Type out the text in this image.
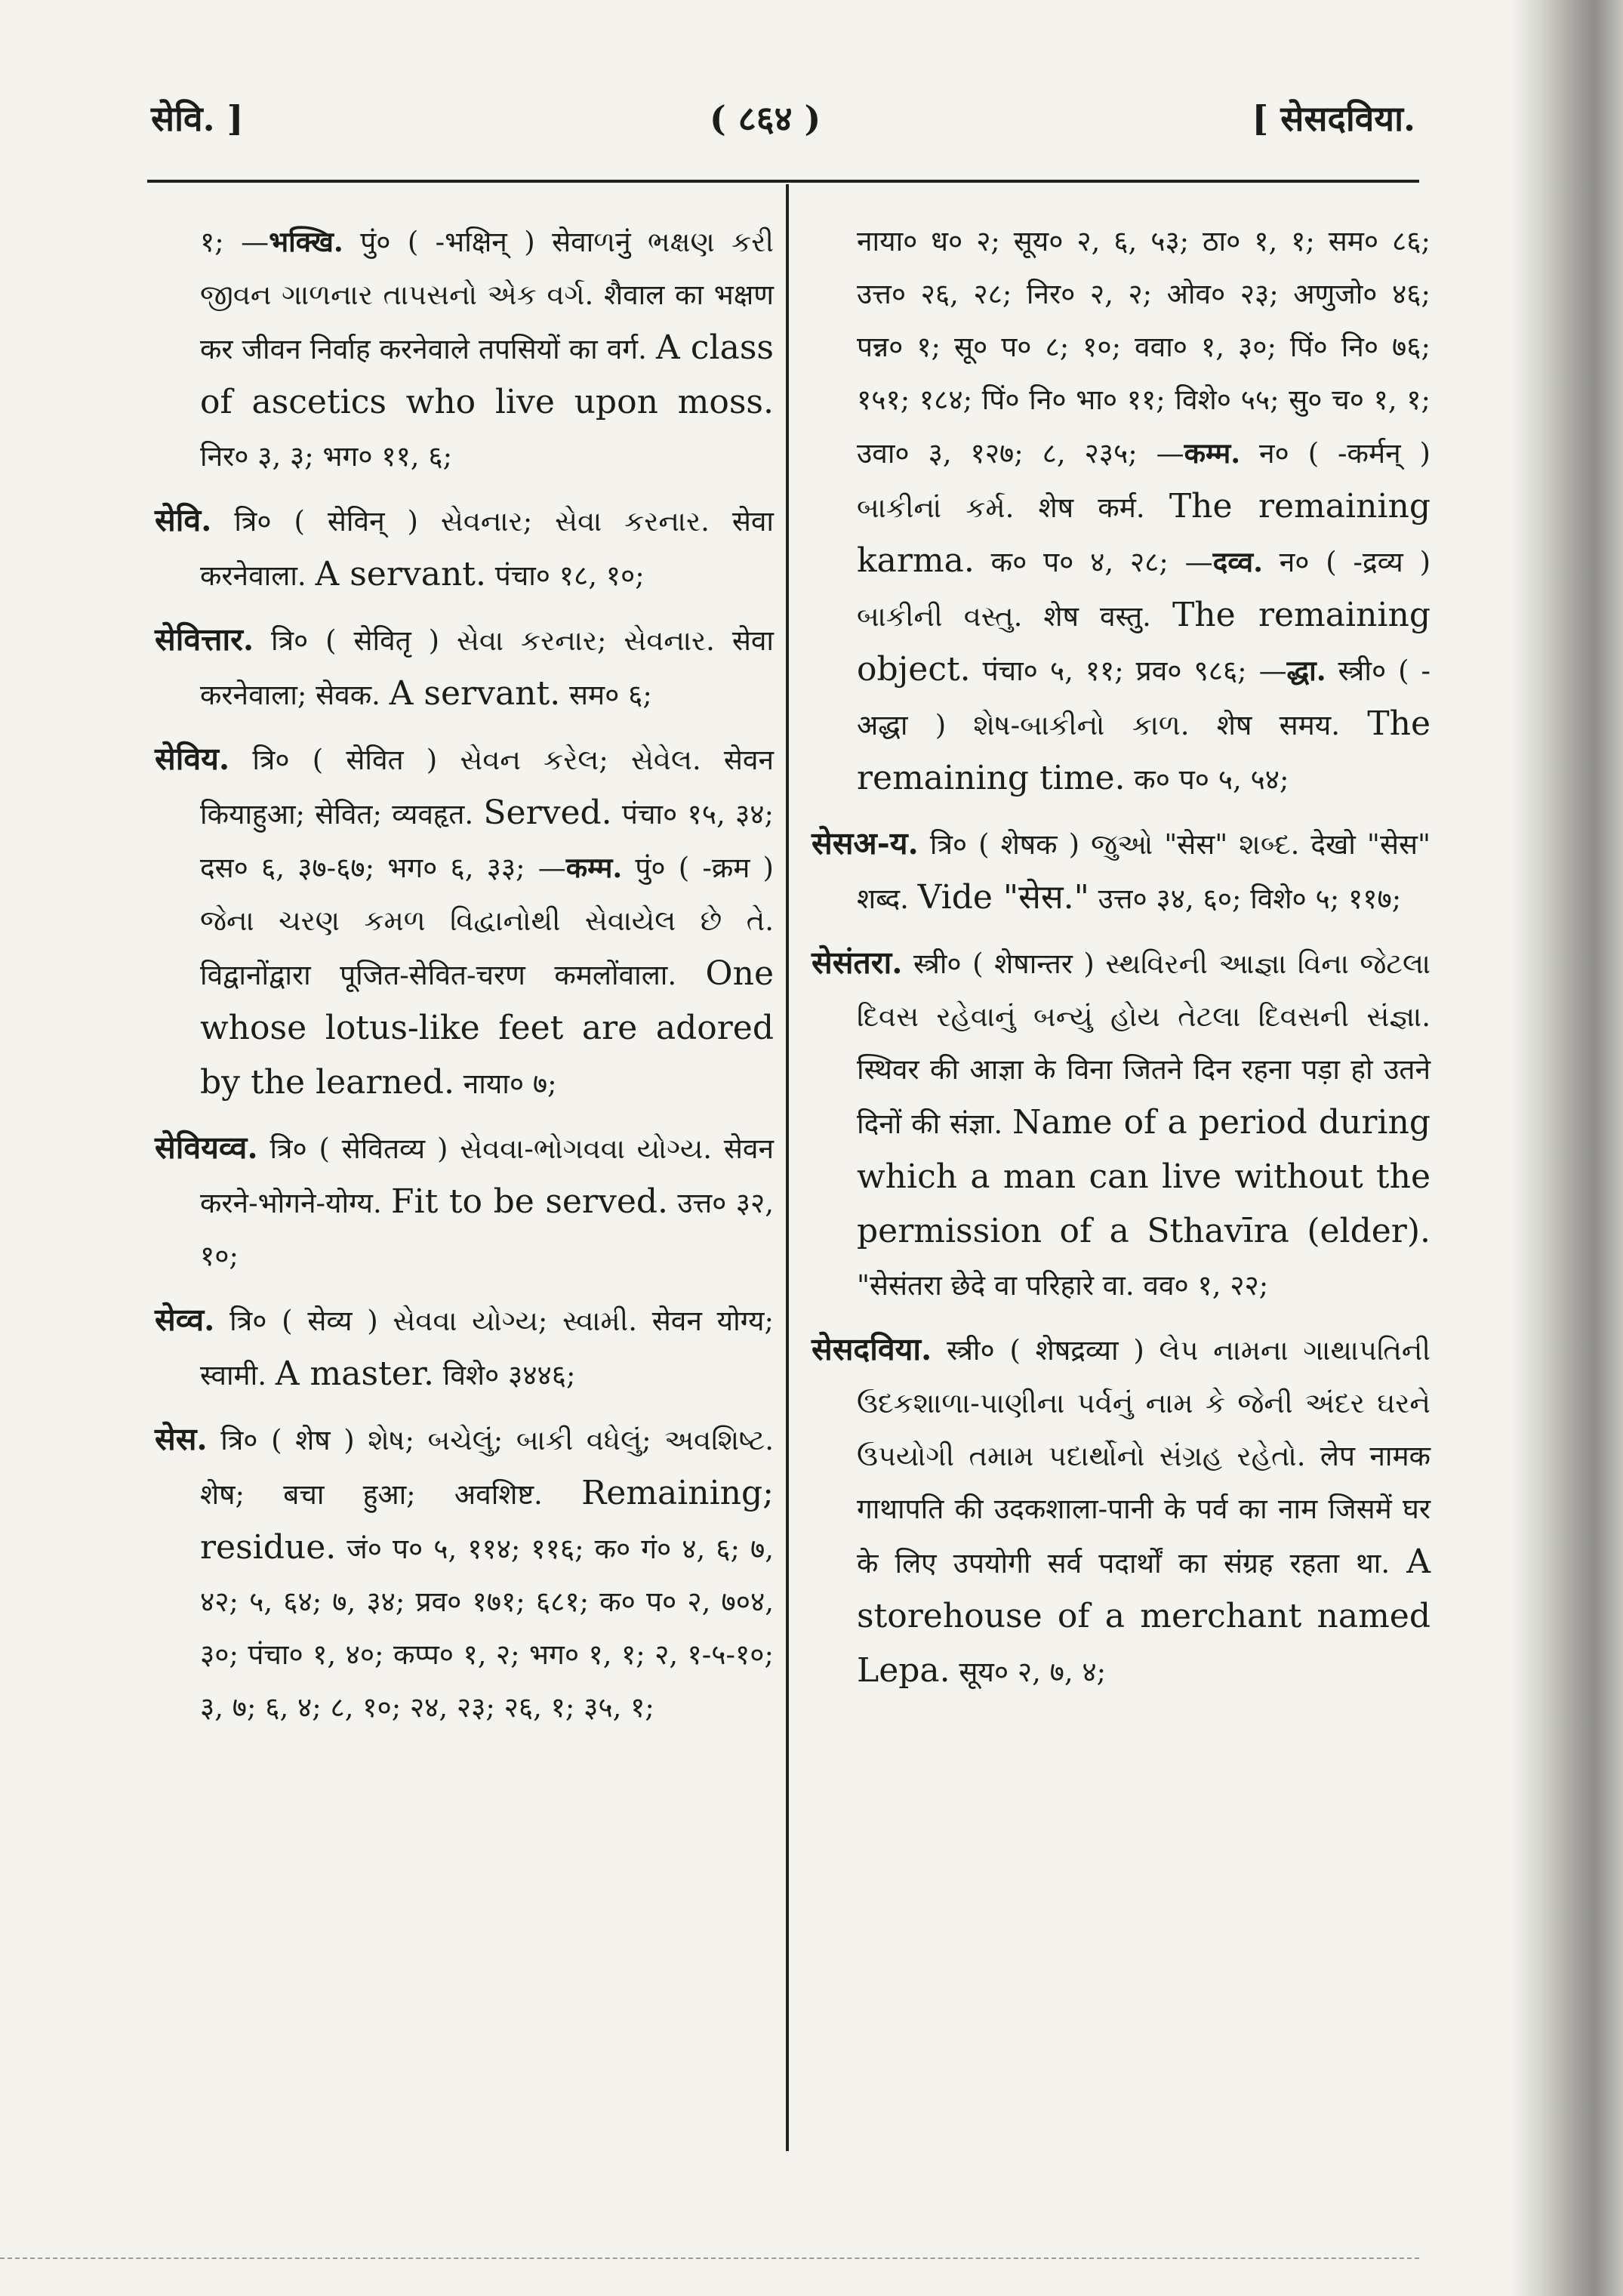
सेवि. ]	( ८६४ )	[ सेसदविया.

१; —भक्खि. पुं० ( -भक्षिन् ) सेवाળनुं ભક્ષણ કરી જીવન ગાળનાર તાપસનો એક વર્ગ. शैवाल का भक्षण कर जीवन निर्वाह करनेवाले तपसियों का वर्ग. A class of ascetics who live upon moss. निर० ३, ३; भग० ११, ६;

सेवि. त्रि० ( सेविन् ) સેવનાર; સેવા કરનાર. सेवा करनेवाला. A servant. पंचा० १८, १०;

सेवित्तार. त्रि० ( सेवितृ ) સેવા કરનાર; સેવનાર. सेवा करनेवाला; सेवक. A servant. सम० ६;

सेविय. त्रि० ( सेवित ) સેવન કરેલ; સેવેલ. सेवन कियाहुआ; सेवित; व्यवहृत. Served. पंचा० १५, ३४; दस० ६, ३७-६७; भग० ६, ३३; —कम्म. पुं० ( -क्रम ) જેના ચરણ કમળ વિદ્વાનોથી સેવાયેલ છે તે. विद्वानोंद्वारा पूजित-सेवित-चरण कमलोंवाला. One whose lotus-like feet are adored by the learned. नाया० ७;

सेवियव्व. त्रि० ( सेवितव्य ) સેવવા-ભોગવવા યોગ્ય. सेवन करने-भोगने-योग्य. Fit to be served. उत्त० ३२, १०;

सेव्व. त्रि० ( सेव्य ) સેવવા યોગ્ય; સ્વામી. सेवन योग्य; स्वामी. A master. विशे० ३४४६;

सेस. त्रि० ( शेष ) શેષ; બચેલું; બાકી વધેલું; અવશિષ્ટ. शेष; बचा हुआ; अवशिष्ट. Remaining; residue. जं० प० ५, ११४; ११६; क० गं० ४, ६; ७, ४२; ५, ६४; ७, ३४; प्रव० १७१; ६८१; क० प० २, ७०४, ३०; पंचा० १, ४०; कप्प० १, २; भग० १, १; २, १-५-१०; ३, ७; ६, ४; ८, १०; २४, २३; २६, १; ३५, १;

नाया० ध० २; सूय० २, ६, ५३; ठा० १, १; सम० ८६; उत्त० २६, २८; निर० २, २; ओव० २३; अणुजो० ४६; पन्न० १; सू० प० ८; १०; ववा० १, ३०; पिं० नि० ७६; १५१; १८४; पिं० नि० भा० ११; विशे० ५५; सु० च० १, १; उवा० ३, १२७; ८, २३५; —कम्म. न० ( -कर्मन् ) બાકીનાં કર્મ. शेष कर्म. The remaining karma. क० प० ४, २८; —दव्व. न० ( -द्रव्य ) બાકીની વસ્તુ. शेष वस्तु. The remaining object. पंचा० ५, ११; प्रव० ९८६; —द्धा. स्त्री० ( -अद्धा ) શેષ-બાકીનો કાળ. शेष समय. The remaining time. क० प० ५, ५४;

सेसअ-य. त्रि० ( शेषक ) જુઓ "सेस" શબ્દ. देखो "सेस" शब्द. Vide "सेस." उत्त० ३४, ६०; विशे० ५; ११७;

सेसंतरा. स्त्री० ( शेषान्तर ) સ્થવિરની આજ્ઞા વિના જેટલા દિવસ રહેવાનું બન્યું હોય તેટલા દિવસની સંજ્ઞા. स्थिवर की आज्ञा के विना जितने दिन रहना पड़ा हो उतने दिनों की संज्ञा. Name of a period during which a man can live without the permission of a Sthavīra (elder). "सेसंतरा छेदे वा परिहारे वा. वव० १, २२;

सेसदविया. स्त्री० ( शेषद्रव्या ) લેપ નામના ગાથાપતિની ઉદકશાળા-પાણીના પર્વનું નામ કે જેની અંદર ઘરને ઉપયોગી તમામ પદાર્થોનો સંગ્રહ રહેતો. लेप नामक गाथापति की उदकशाला-पानी के पर्व का नाम जिसमें घर के लिए उपयोगी सर्व पदार्थों का संग्रह रहता था. A storehouse of a merchant named Lepa. सूय० २, ७, ४;
